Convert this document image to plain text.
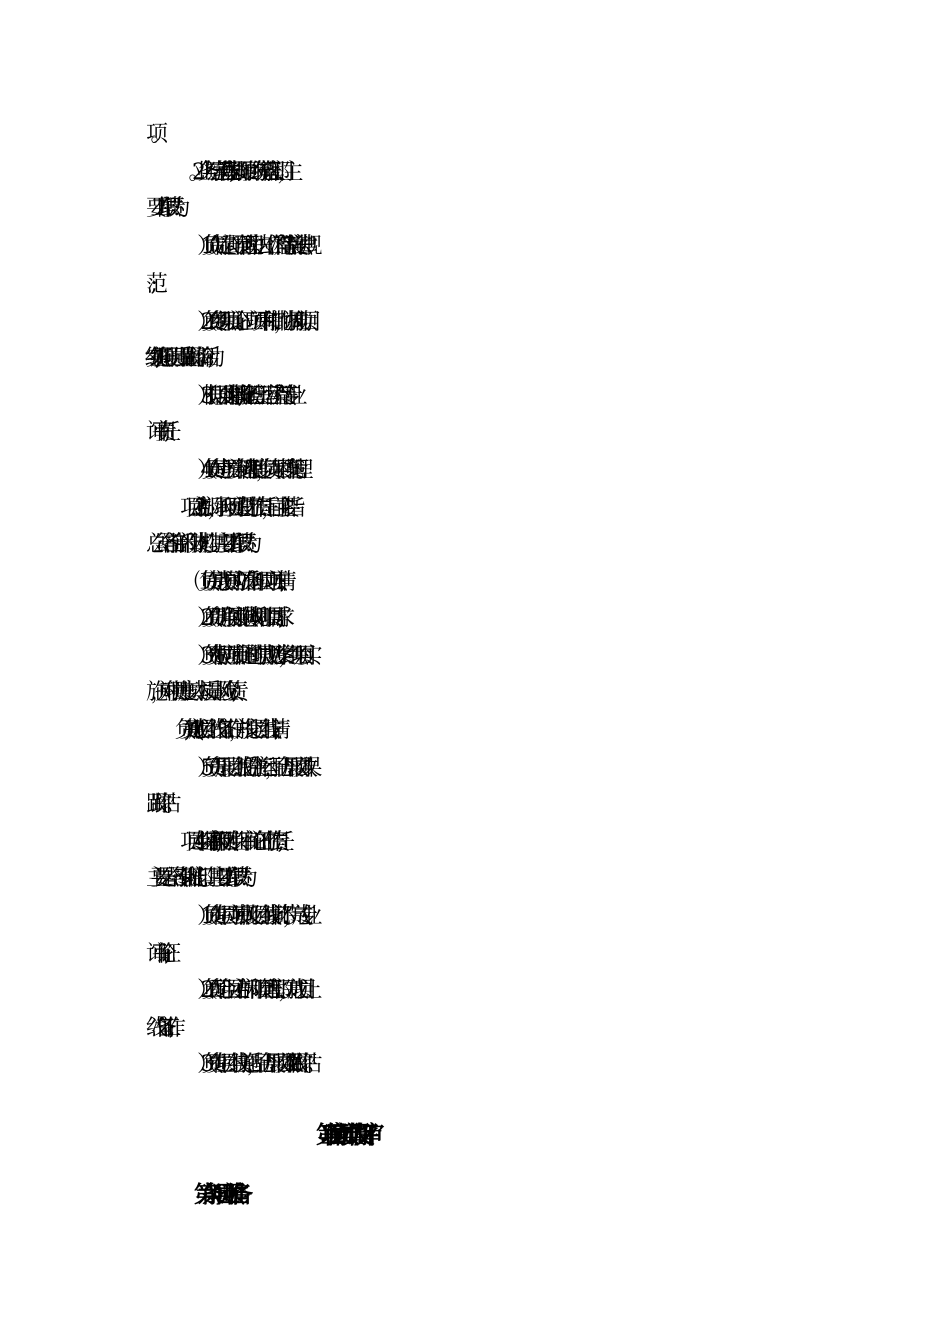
项。
2。业务与运营管理部,作为公司项目的统筹管理部门，主
要工作职责为:
（1）负责制定公司项目管理办法、工作流程等制度法律规
（2）负责组织项目论证、立项评审和审批，协调推动项目
实施,组织开展项目质量跟踪评价活动;
（3）根据项目实际情况,承担业务管理、运营流程等专业
评审责任;
（4）负责建立项目资料管理制度，负责项目档案管理。
3.项目主办部门，承担项目建设的工作责任，目前主要指
总公司各前台部门和分支机构。其主要工作职责为:
⑴负责完成项目的立项准备和项目立项申请;
（2）负责明确项目实施具体规划和项目需求;
（3）负责根据立项审批通过的项目规划方案，组织项目实
施，并对项目进度、成本、质量、风险负责;
(4)负责完成项目上线准备工作，并提交项目上线申请;
（5）负责开展项目上线后的生产运行，配合开展项目效果
跟踪评估。
4.项目专业评审部门,承担项目专业评审、论证的工作责任,
主要是公司各专业职能部门。其主要工作职责为:
（1）负责在项目立项审批及项目上线审批环节，完成专业
评审论证;
（2）负责配合项目主办部门和项目管理部门，完成项目上
线准备工作;
（3）负责在项目上线实施后，配合开展项目效果跟踪评估。
第三章 项目立项申请及评审
第六条　项目立项准备
